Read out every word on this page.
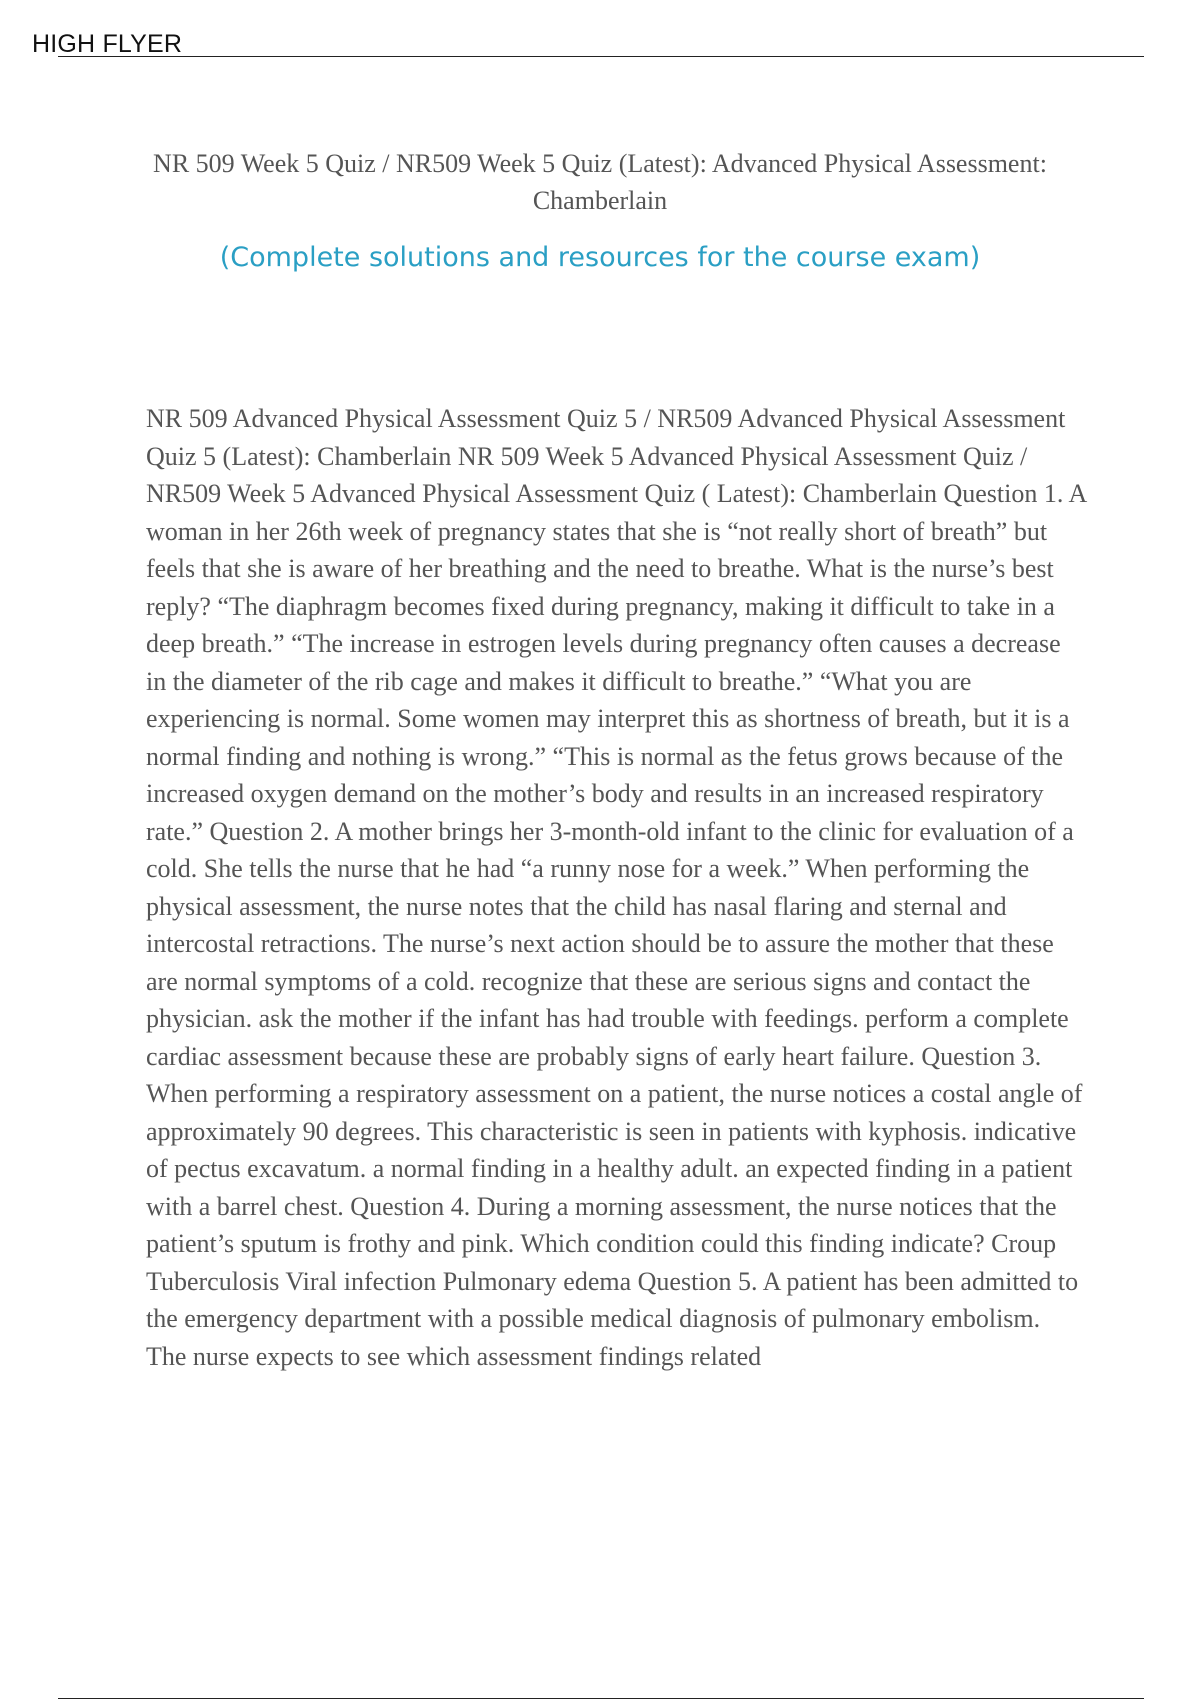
HIGH FLYER
NR 509 Week 5 Quiz / NR509 Week 5 Quiz (Latest): Advanced Physical Assessment: Chamberlain
(Complete solutions and resources for the course exam)

NR 509 Advanced Physical Assessment Quiz 5 / NR509 Advanced Physical Assessment Quiz 5 (Latest): Chamberlain NR 509 Week 5 Advanced Physical Assessment Quiz / NR509 Week 5 Advanced Physical Assessment Quiz ( Latest): Chamberlain Question 1. A woman in her 26th week of pregnancy states that she is “not really short of breath” but feels that she is aware of her breathing and the need to breathe. What is the nurse’s best reply? “The diaphragm becomes fixed during pregnancy, making it difficult to take in a deep breath.” “The increase in estrogen levels during pregnancy often causes a decrease in the diameter of the rib cage and makes it difficult to breathe.” “What you are experiencing is normal. Some women may interpret this as shortness of breath, but it is a normal finding and nothing is wrong.” “This is normal as the fetus grows because of the increased oxygen demand on the mother’s body and results in an increased respiratory rate.” Question 2. A mother brings her 3-month-old infant to the clinic for evaluation of a cold. She tells the nurse that he had “a runny nose for a week.” When performing the physical assessment, the nurse notes that the child has nasal flaring and sternal and intercostal retractions. The nurse’s next action should be to assure the mother that these are normal symptoms of a cold. recognize that these are serious signs and contact the physician. ask the mother if the infant has had trouble with feedings. perform a complete cardiac assessment because these are probably signs of early heart failure. Question 3. When performing a respiratory assessment on a patient, the nurse notices a costal angle of approximately 90 degrees. This characteristic is seen in patients with kyphosis. indicative of pectus excavatum. a normal finding in a healthy adult. an expected finding in a patient with a barrel chest. Question 4. During a morning assessment, the nurse notices that the patient’s sputum is frothy and pink. Which condition could this finding indicate? Croup Tuberculosis Viral infection Pulmonary edema Question 5. A patient has been admitted to the emergency department with a possible medical diagnosis of pulmonary embolism. The nurse expects to see which assessment findings related
